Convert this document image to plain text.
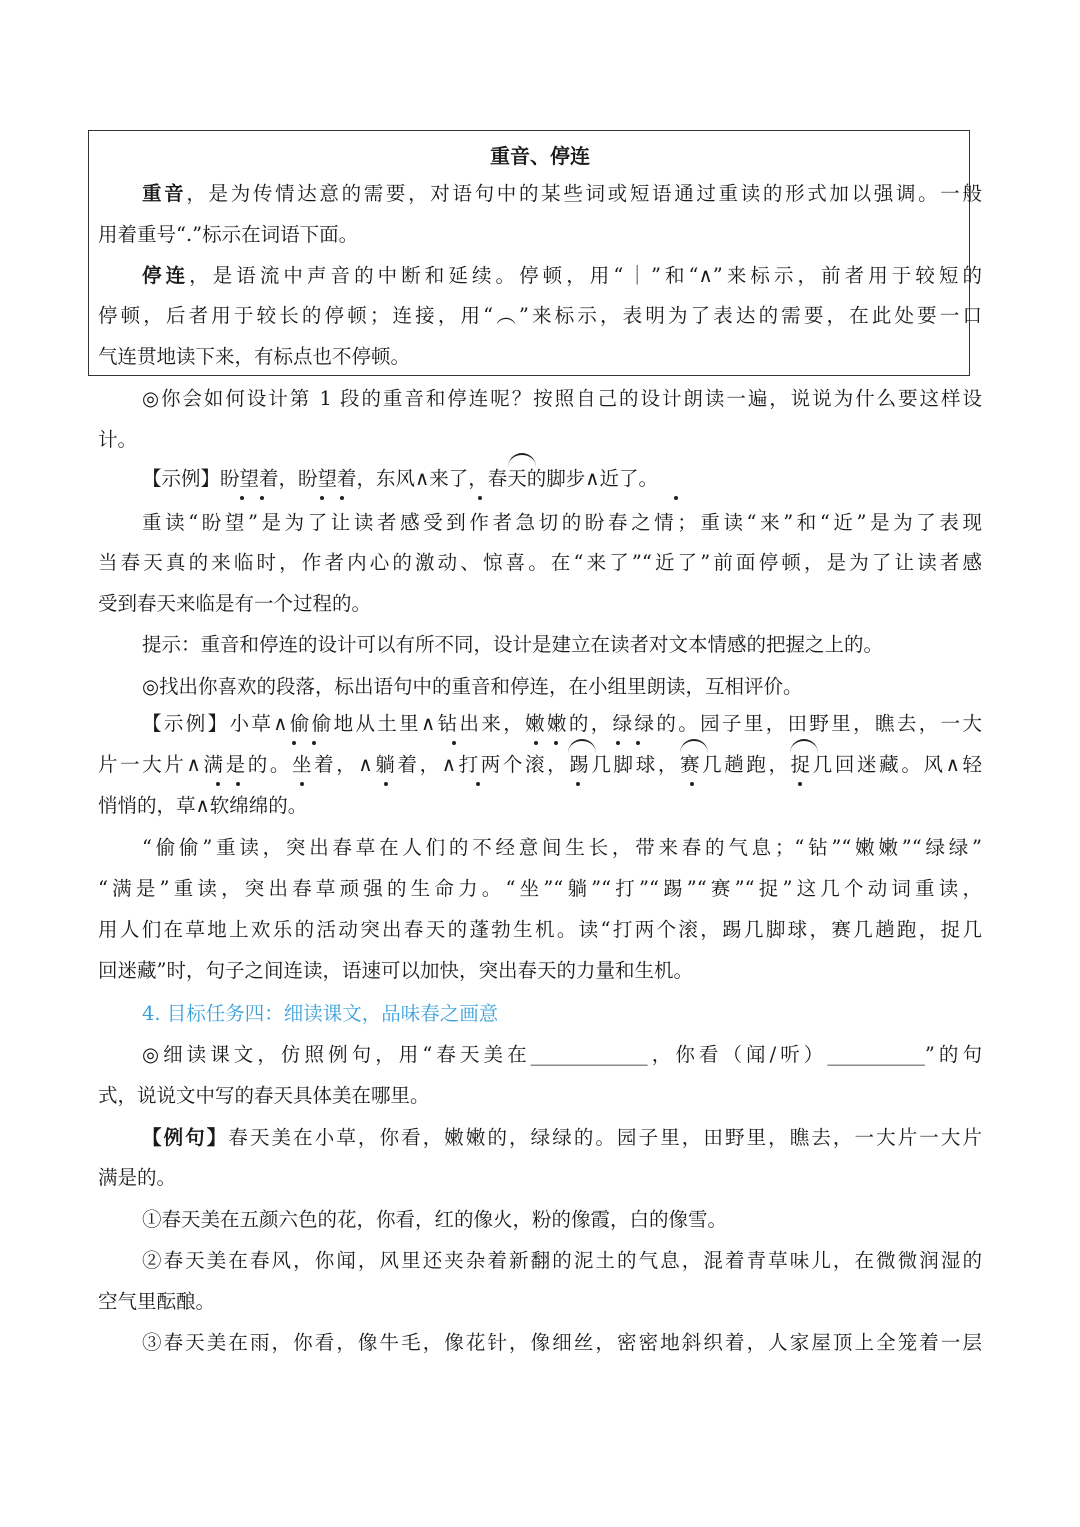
重音、停连
重音，是为传情达意的需要，对语句中的某些词或短语通过重读的形式加以强调。一般
用着重号“.”标示在词语下面。
停连，是语流中声音的中断和延续。停顿，用“｜”和“∧”来标示，前者用于较短的
停顿，后者用于较长的停顿；连接，用“︵”来标示，表明为了表达的需要，在此处要一口
气连贯地读下来，有标点也不停顿。
◎你会如何设计第 1 段的重音和停连呢？按照自己的设计朗读一遍，说说为什么要这样设
计。
【示例】盼望着，盼望着，东风∧来了，春天的脚步∧近了。
重读“盼望”是为了让读者感受到作者急切的盼春之情；重读“来”和“近”是为了表现
当春天真的来临时，作者内心的激动、惊喜。在“来了”“近了”前面停顿，是为了让读者感
受到春天来临是有一个过程的。
提示：重音和停连的设计可以有所不同，设计是建立在读者对文本情感的把握之上的。
◎找出你喜欢的段落，标出语句中的重音和停连，在小组里朗读，互相评价。
【示例】小草∧偷偷地从土里∧钻出来，嫩嫩的，绿绿的。园子里，田野里，瞧去，一大
片一大片∧满是的。坐着，∧躺着，∧打两个滚，踢几脚球，赛几趟跑，捉几回迷藏。风∧轻
悄悄的，草∧软绵绵的。
“偷偷”重读，突出春草在人们的不经意间生长，带来春的气息；“钻”“嫩嫩”“绿绿”
“满是”重读，突出春草顽强的生命力。“坐”“躺”“打”“踢”“赛”“捉”这几个动词重读，
用人们在草地上欢乐的活动突出春天的蓬勃生机。读“打两个滚，踢几脚球，赛几趟跑，捉几
回迷藏”时，句子之间连读，语速可以加快，突出春天的力量和生机。
4. 目标任务四：细读课文，品味春之画意
◎细读课文，仿照例句，用“春天美在____________，你看（闻/听）__________”的句
式，说说文中写的春天具体美在哪里。
【例句】春天美在小草，你看，嫩嫩的，绿绿的。园子里，田野里，瞧去，一大片一大片
满是的。
①春天美在五颜六色的花，你看，红的像火，粉的像霞，白的像雪。
②春天美在春风，你闻，风里还夹杂着新翻的泥土的气息，混着青草味儿，在微微润湿的
空气里酝酿。
③春天美在雨，你看，像牛毛，像花针，像细丝，密密地斜织着，人家屋顶上全笼着一层
